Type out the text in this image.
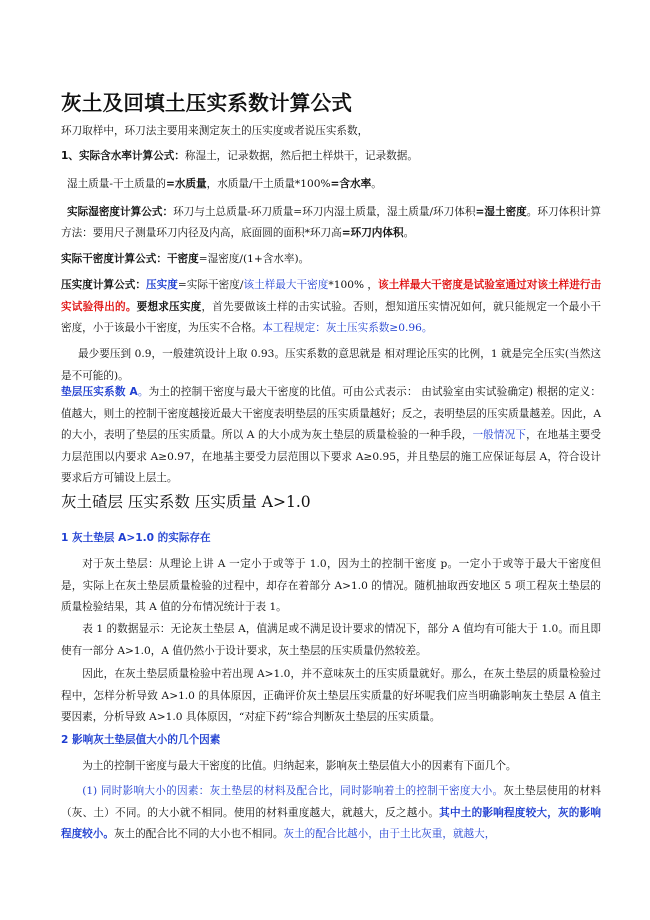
灰土及回填土压实系数计算公式

环刀取样中，环刀法主要用来测定灰土的压实度或者说压实系数，

1、实际含水率计算公式：称湿土，记录数据，然后把土样烘干，记录数据。

湿土质量-干土质量的=水质量，水质量/干土质量*100%=含水率。

实际湿密度计算公式：环刀与土总质量-环刀质量=环刀内湿土质量，湿土质量/环刀体积=湿土密度。环刀体积计算方法：要用尺子测量环刀内径及内高，底面圆的面积*环刀高=环刀内体积。

实际干密度计算公式：干密度=湿密度/(1+含水率)。

压实度计算公式：压实度=实际干密度/该土样最大干密度*100% ，该土样最大干密度是试验室通过对该土样进行击实试验得出的。要想求压实度，首先要做该土样的击实试验。否则，想知道压实情况如何，就只能规定一个最小干密度，小于该最小干密度，为压实不合格。本工程规定：灰土压实系数≥0.96。

最少要压到 0.9，一般建筑设计上取 0.93。压实系数的意思就是 相对理论压实的比例，1 就是完全压实(当然这是不可能的)。

垫层压实系数 A。为土的控制干密度与最大干密度的比值。可由公式表示： 由试验室由实试验确定) 根据的定义：值越大，则土的控制干密度越接近最大干密度表明垫层的压实质量越好；反之，表明垫层的压实质量越差。因此，A 的大小，表明了垫层的压实质量。所以 A 的大小成为灰土垫层的质量检验的一种手段，一般情况下，在地基主要受力层范围以内要求 A≥0.97，在地基主要受力层范围以下要求 A≥0.95，并且垫层的施工应保证每层 A，符合设计要求后方可铺设上层土。

灰土碴层 压实系数 压实质量 A>1.0

1 灰土垫层 A>1.0 的实际存在

对于灰土垫层：从理论上讲 A 一定小于或等于 1.0，因为土的控制干密度 p。一定小于或等于最大干密度但是，实际上在灰土垫层质量检验的过程中，却存在着部分 A>1.0 的情况。随机抽取西安地区 5 项工程灰土垫层的质量检验结果，其 A 值的分布情况统计于表 1。

表 1 的数据显示：无论灰土垫层 A，值满足或不满足设计要求的情况下，部分 A 值均有可能大于 1.0。而且即使有一部分 A>1.0，A 值仍然小于设计要求，灰土垫层的压实质量仍然较差。

因此，在灰土垫层质量检验中若出现 A>1.0，并不意味灰土的压实质量就好。那么，在灰土垫层的质量检验过程中，怎样分析导致 A>1.0 的具体原因，正确评价灰土垫层压实质量的好坏呢我们应当明确影响灰土垫层 A 值主要因素，分析导致 A>1.0 具体原因，“对症下药”综合判断灰土垫层的压实质量。

2 影响灰土垫层值大小的几个因素

为土的控制干密度与最大干密度的比值。归纳起来，影响灰土垫层值大小的因素有下面几个。

(1) 同时影响大小的因素：灰土垫层的材料及配合比，同时影响着土的控制干密度大小。灰土垫层使用的材料（灰、土）不同。的大小就不相同。使用的材料重度越大，就越大，反之越小。其中土的影响程度较大，灰的影响程度较小。灰土的配合比不同的大小也不相同。灰土的配合比越小，由于土比灰重，就越大，
